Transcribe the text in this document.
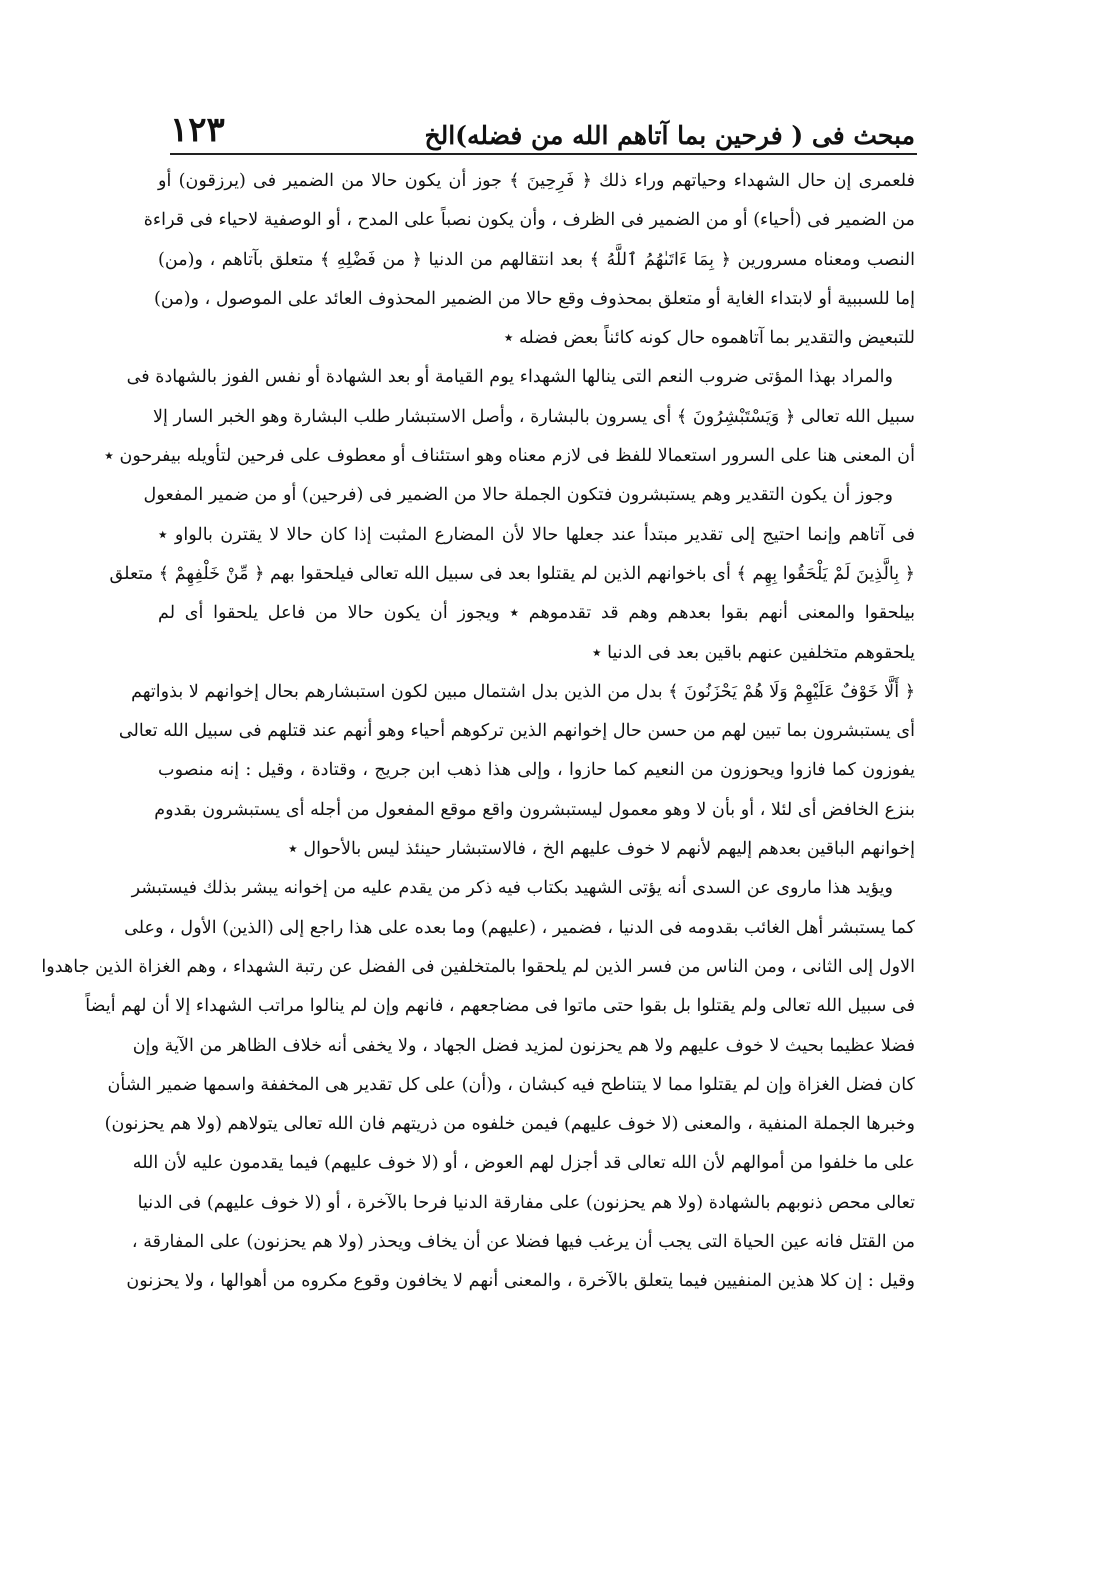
مبحث فى ( فرحين بما آتاهم الله من فضله)الخ
١٢٣
فلعمرى إن حال الشهداء وحياتهم وراء ذلك ﴿ فَرِحِينَ ﴾ جوز أن يكون حالا من الضمير فى (يرزقون) أو
من الضمير فى (أحياء) أو من الضمير فى الظرف ، وأن يكون نصباً على المدح ، أو الوصفية لاحياء فى قراءة
النصب ومعناه مسرورين ﴿ بِمَا ءَاتَىٰهُمُ ٱللَّهُ ﴾ بعد انتقالهم من الدنيا ﴿ من فَضْلِهِ ﴾ متعلق بآتاهم ، و(من)
إما للسببية أو لابتداء الغاية أو متعلق بمحذوف وقع حالا من الضمير المحذوف العائد على الموصول ، و(من)
للتبعيض والتقدير بما آتاهموه حال كونه كائناً بعض فضله ٭
والمراد بهذا المؤتى ضروب النعم التى ينالها الشهداء يوم القيامة أو بعد الشهادة أو نفس الفوز بالشهادة فى
سبيل الله تعالى ﴿ وَيَسْتَبْشِرُونَ ﴾ أى يسرون بالبشارة ، وأصل الاستبشار طلب البشارة وهو الخبر السار إلا
أن المعنى هنا على السرور استعمالا للفظ فى لازم معناه وهو استئناف أو معطوف على فرحين لتأويله بيفرحون ٭
وجوز أن يكون التقدير وهم يستبشرون فتكون الجملة حالا من الضمير فى (فرحين) أو من ضمير المفعول
فى آتاهم وإنما احتيج إلى تقدير مبتدأ عند جعلها حالا لأن المضارع المثبت إذا كان حالا لا يقترن بالواو ٭
﴿ بِالَّذِينَ لَمْ يَلْحَقُوا بِهِم ﴾ أى باخوانهم الذين لم يقتلوا بعد فى سبيل الله تعالى فيلحقوا بهم ﴿ مِّنْ خَلْفِهِمْ ﴾ متعلق
بيلحقوا والمعنى أنهم بقوا بعدهم وهم قد تقدموهم ٭ ويجوز أن يكون حالا من فاعل يلحقوا أى لم
يلحقوهم متخلفين عنهم باقين بعد فى الدنيا ٭
﴿ أَلَّا خَوْفٌ عَلَيْهِمْ وَلَا هُمْ يَحْزَنُونَ ﴾ بدل من الذين بدل اشتمال مبين لكون استبشارهم بحال إخوانهم لا بذواتهم
أى يستبشرون بما تبين لهم من حسن حال إخوانهم الذين تركوهم أحياء وهو أنهم عند قتلهم فى سبيل الله تعالى
يفوزون كما فازوا ويحوزون من النعيم كما حازوا ، وإلى هذا ذهب ابن جريج ، وقتادة ، وقيل : إنه منصوب
بنزع الخافض أى لئلا ، أو بأن لا وهو معمول ليستبشرون واقع موقع المفعول من أجله أى يستبشرون بقدوم
إخوانهم الباقين بعدهم إليهم لأنهم لا خوف عليهم الخ ، فالاستبشار حينئذ ليس بالأحوال ٭
ويؤيد هذا ماروى عن السدى أنه يؤتى الشهيد بكتاب فيه ذكر من يقدم عليه من إخوانه يبشر بذلك فيستبشر
كما يستبشر أهل الغائب بقدومه فى الدنيا ، فضمير ، (عليهم) وما بعده على هذا راجع إلى (الذين) الأول ، وعلى
الاول إلى الثانى ، ومن الناس من فسر الذين لم يلحقوا بالمتخلفين فى الفضل عن رتبة الشهداء ، وهم الغزاة الذين جاهدوا
فى سبيل الله تعالى ولم يقتلوا بل بقوا حتى ماتوا فى مضاجعهم ، فانهم وإن لم ينالوا مراتب الشهداء إلا أن لهم أيضاً
فضلا عظيما بحيث لا خوف عليهم ولا هم يحزنون لمزيد فضل الجهاد ، ولا يخفى أنه خلاف الظاهر من الآية وإن
كان فضل الغزاة وإن لم يقتلوا مما لا يتناطح فيه كبشان ، و(أن) على كل تقدير هى المخففة واسمها ضمير الشأن
وخبرها الجملة المنفية ، والمعنى (لا خوف عليهم) فيمن خلفوه من ذريتهم فان الله تعالى يتولاهم (ولا هم يحزنون)
على ما خلفوا من أموالهم لأن الله تعالى قد أجزل لهم العوض ، أو (لا خوف عليهم) فيما يقدمون عليه لأن الله
تعالى محص ذنوبهم بالشهادة (ولا هم يحزنون) على مفارقة الدنيا فرحا بالآخرة ، أو (لا خوف عليهم) فى الدنيا
من القتل فانه عين الحياة التى يجب أن يرغب فيها فضلا عن أن يخاف ويحذر (ولا هم يحزنون) على المفارقة ،
وقيل : إن كلا هذين المنفيين فيما يتعلق بالآخرة ، والمعنى أنهم لا يخافون وقوع مكروه من أهوالها ، ولا يحزنون
